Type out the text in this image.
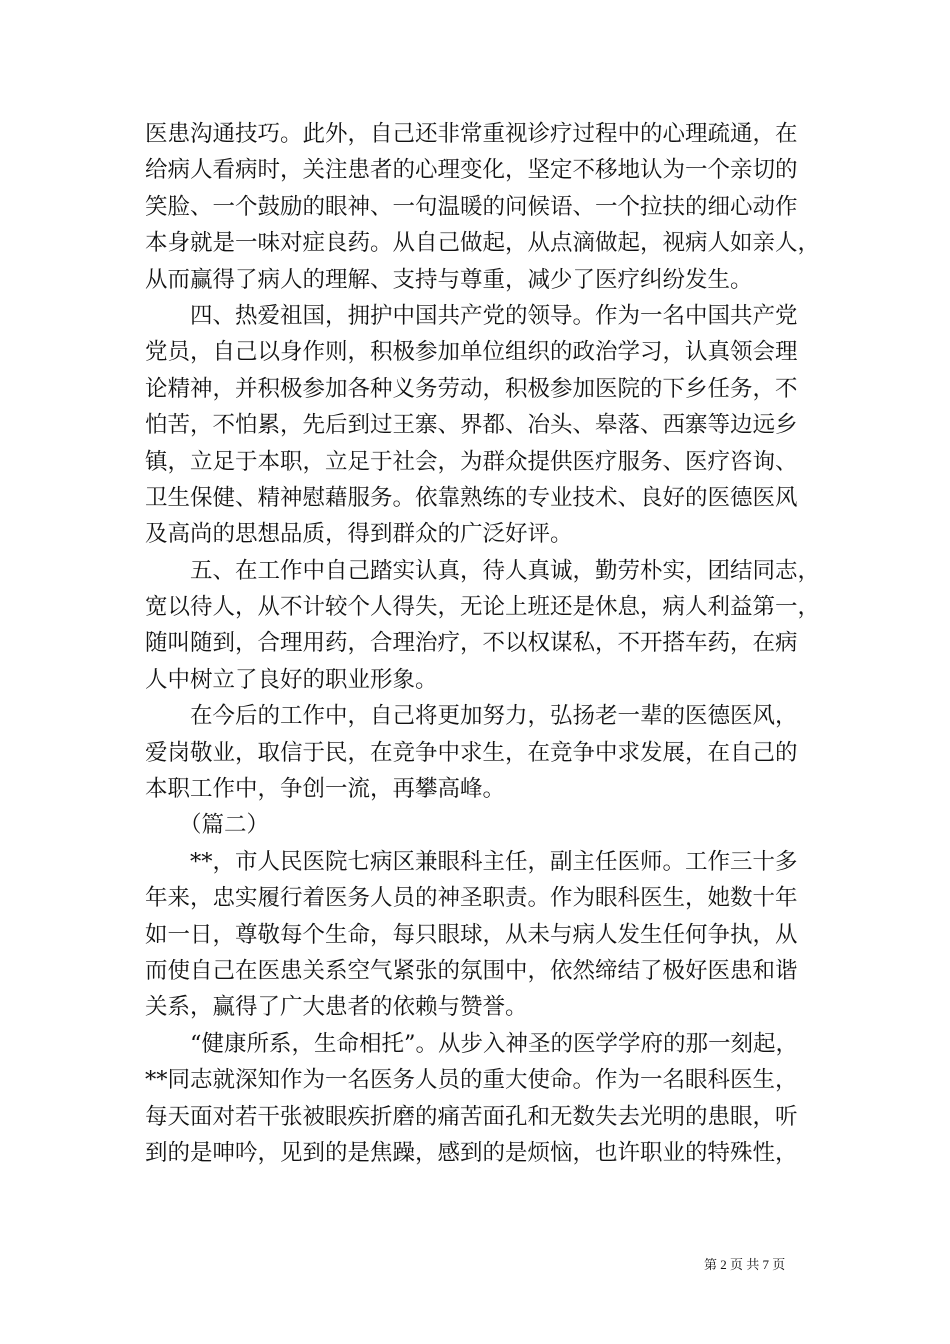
医患沟通技巧。此外，自己还非常重视诊疗过程中的心理疏通，在
给病人看病时，关注患者的心理变化，坚定不移地认为一个亲切的
笑脸、一个鼓励的眼神、一句温暖的问候语、一个拉扶的细心动作
本身就是一味对症良药。从自己做起，从点滴做起，视病人如亲人，
从而赢得了病人的理解、支持与尊重，减少了医疗纠纷发生。
四、热爱祖国，拥护中国共产党的领导。作为一名中国共产党
党员，自己以身作则，积极参加单位组织的政治学习，认真领会理
论精神，并积极参加各种义务劳动，积极参加医院的下乡任务，不
怕苦，不怕累，先后到过王寨、界都、冶头、皋落、西寨等边远乡
镇，立足于本职，立足于社会，为群众提供医疗服务、医疗咨询、
卫生保健、精神慰藉服务。依靠熟练的专业技术、良好的医德医风
及高尚的思想品质，得到群众的广泛好评。
五、在工作中自己踏实认真，待人真诚，勤劳朴实，团结同志，
宽以待人，从不计较个人得失，无论上班还是休息，病人利益第一，
随叫随到，合理用药，合理治疗，不以权谋私，不开搭车药，在病
人中树立了良好的职业形象。
在今后的工作中，自己将更加努力，弘扬老一辈的医德医风，
爱岗敬业，取信于民，在竞争中求生，在竞争中求发展，在自己的
本职工作中，争创一流，再攀高峰。
（篇二）
**，市人民医院七病区兼眼科主任，副主任医师。工作三十多
年来，忠实履行着医务人员的神圣职责。作为眼科医生，她数十年
如一日，尊敬每个生命，每只眼球，从未与病人发生任何争执，从
而使自己在医患关系空气紧张的氛围中，依然缔结了极好医患和谐
关系，赢得了广大患者的依赖与赞誉。
“健康所系，生命相托”。从步入神圣的医学学府的那一刻起，
**同志就深知作为一名医务人员的重大使命。作为一名眼科医生，
每天面对若干张被眼疾折磨的痛苦面孔和无数失去光明的患眼，听
到的是呻吟，见到的是焦躁，感到的是烦恼，也许职业的特殊性，
第 2 页 共 7 页
